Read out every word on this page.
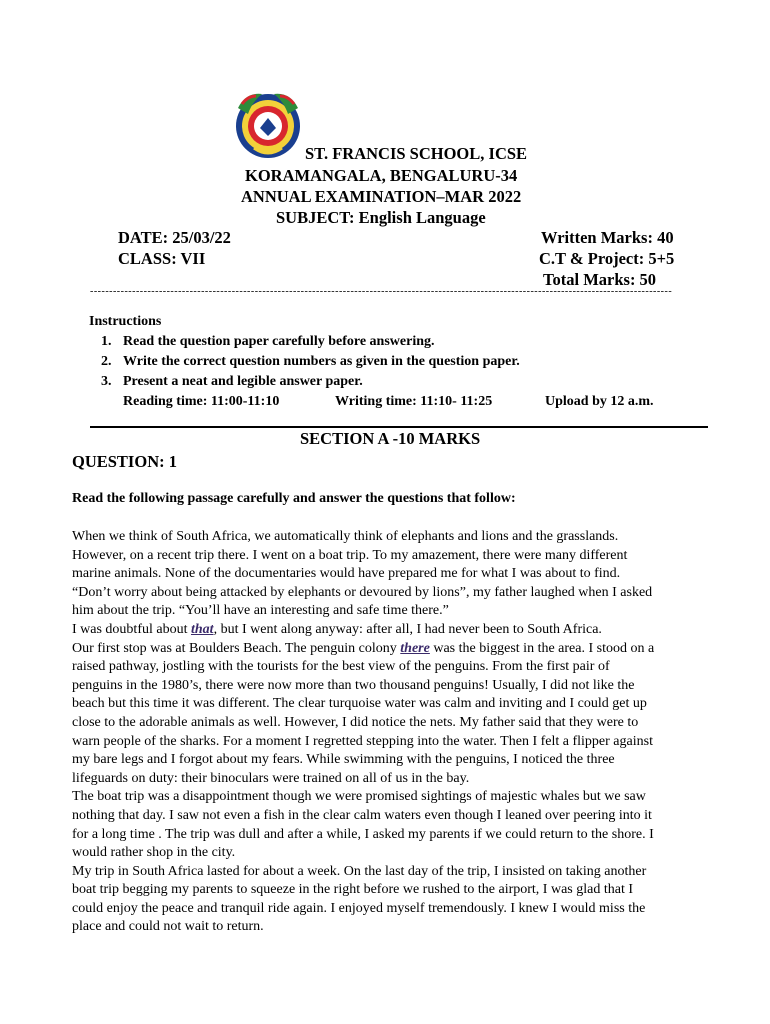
ST. FRANCIS SCHOOL, ICSE
KORAMANGALA, BENGALURU-34
ANNUAL EXAMINATION–MAR 2022
SUBJECT: English Language
DATE: 25/03/22
CLASS: VII
Written Marks: 40
C.T & Project: 5+5
Total Marks: 50
--------------------------------------------------------------------------------------------------------------------------------------------------------
Instructions
1. Read the question paper carefully before answering.
2. Write the correct question numbers as given in the question paper.
3. Present a neat and legible answer paper.
Reading time: 11:00-11:10	Writing time: 11:10- 11:25	Upload by 12 a.m.
SECTION A -10 MARKS
QUESTION: 1
Read the following passage carefully and answer the questions that follow:
When we think of South Africa, we automatically think of elephants and lions and the grasslands.
However, on a recent trip there. I went on a boat trip. To my amazement, there were many different
marine animals. None of the documentaries would have prepared me for what I was about to find.
“Don’t worry about being attacked by elephants or devoured by lions”, my father laughed when I asked
him about the trip. “You’ll have an interesting and safe time there.”
I was doubtful about that, but I went along anyway: after all, I had never been to South Africa.
Our first stop was at Boulders Beach. The penguin colony there was the biggest in the area. I stood on a
raised pathway, jostling with the tourists for the best view of the penguins. From the first pair of
penguins in the 1980’s, there were now more than two thousand penguins! Usually, I did not like the
beach but this time it was different. The clear turquoise water was calm and inviting and I could get up
close to the adorable animals as well. However, I did notice the nets. My father said that they were to
warn people of the sharks. For a moment I regretted stepping into the water. Then I felt a flipper against
my bare legs and I forgot about my fears. While swimming with the penguins, I noticed the three
lifeguards on duty: their binoculars were trained on all of us in the bay.
The boat trip was a disappointment though we were promised sightings of majestic whales but we saw
nothing that day. I saw not even a fish in the clear calm waters even though I leaned over peering into it
for a long time . The trip was dull and after a while, I asked my parents if we could return to the shore. I
would rather shop in the city.
My trip in South Africa lasted for about a week. On the last day of the trip, I insisted on taking another
boat trip begging my parents to squeeze in the right before we rushed to the airport, I was glad that I
could enjoy the peace and tranquil ride again. I enjoyed myself tremendously. I knew I would miss the
place and could not wait to return.
